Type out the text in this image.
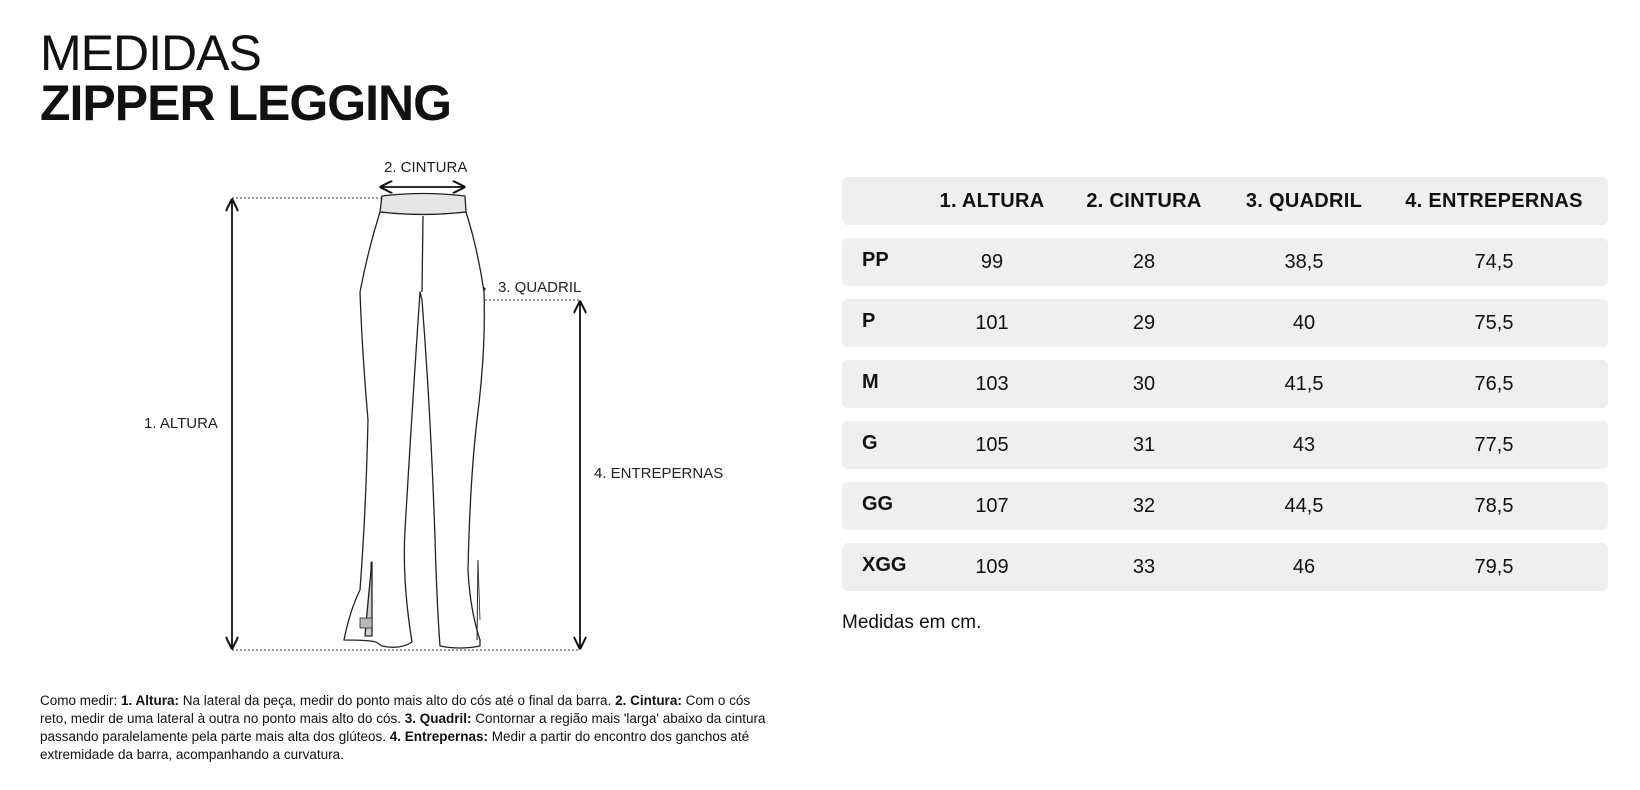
MEDIDAS
ZIPPER LEGGING
2. CINTURA
3. QUADRIL
1. ALTURA
4. ENTREPERNAS
Como medir: 1. Altura: Na lateral da peça, medir do ponto mais alto do cós até o final da barra. 2. Cintura: Com o cós reto, medir de uma lateral à outra no ponto mais alto do cós. 3. Quadril: Contornar a região mais 'larga' abaixo da cintura passando paralelamente pela parte mais alta dos glúteos. 4. Entrepernas: Medir a partir do encontro dos ganchos até extremidade da barra, acompanhando a curvatura.
1. ALTURA 2. CINTURA 3. QUADRIL 4. ENTREPERNAS
PP	99	28	38,5	74,5
P	101	29	40	75,5
M	103	30	41,5	76,5
G	105	31	43	77,5
GG	107	32	44,5	78,5
XGG	109	33	46	79,5
Medidas em cm.
